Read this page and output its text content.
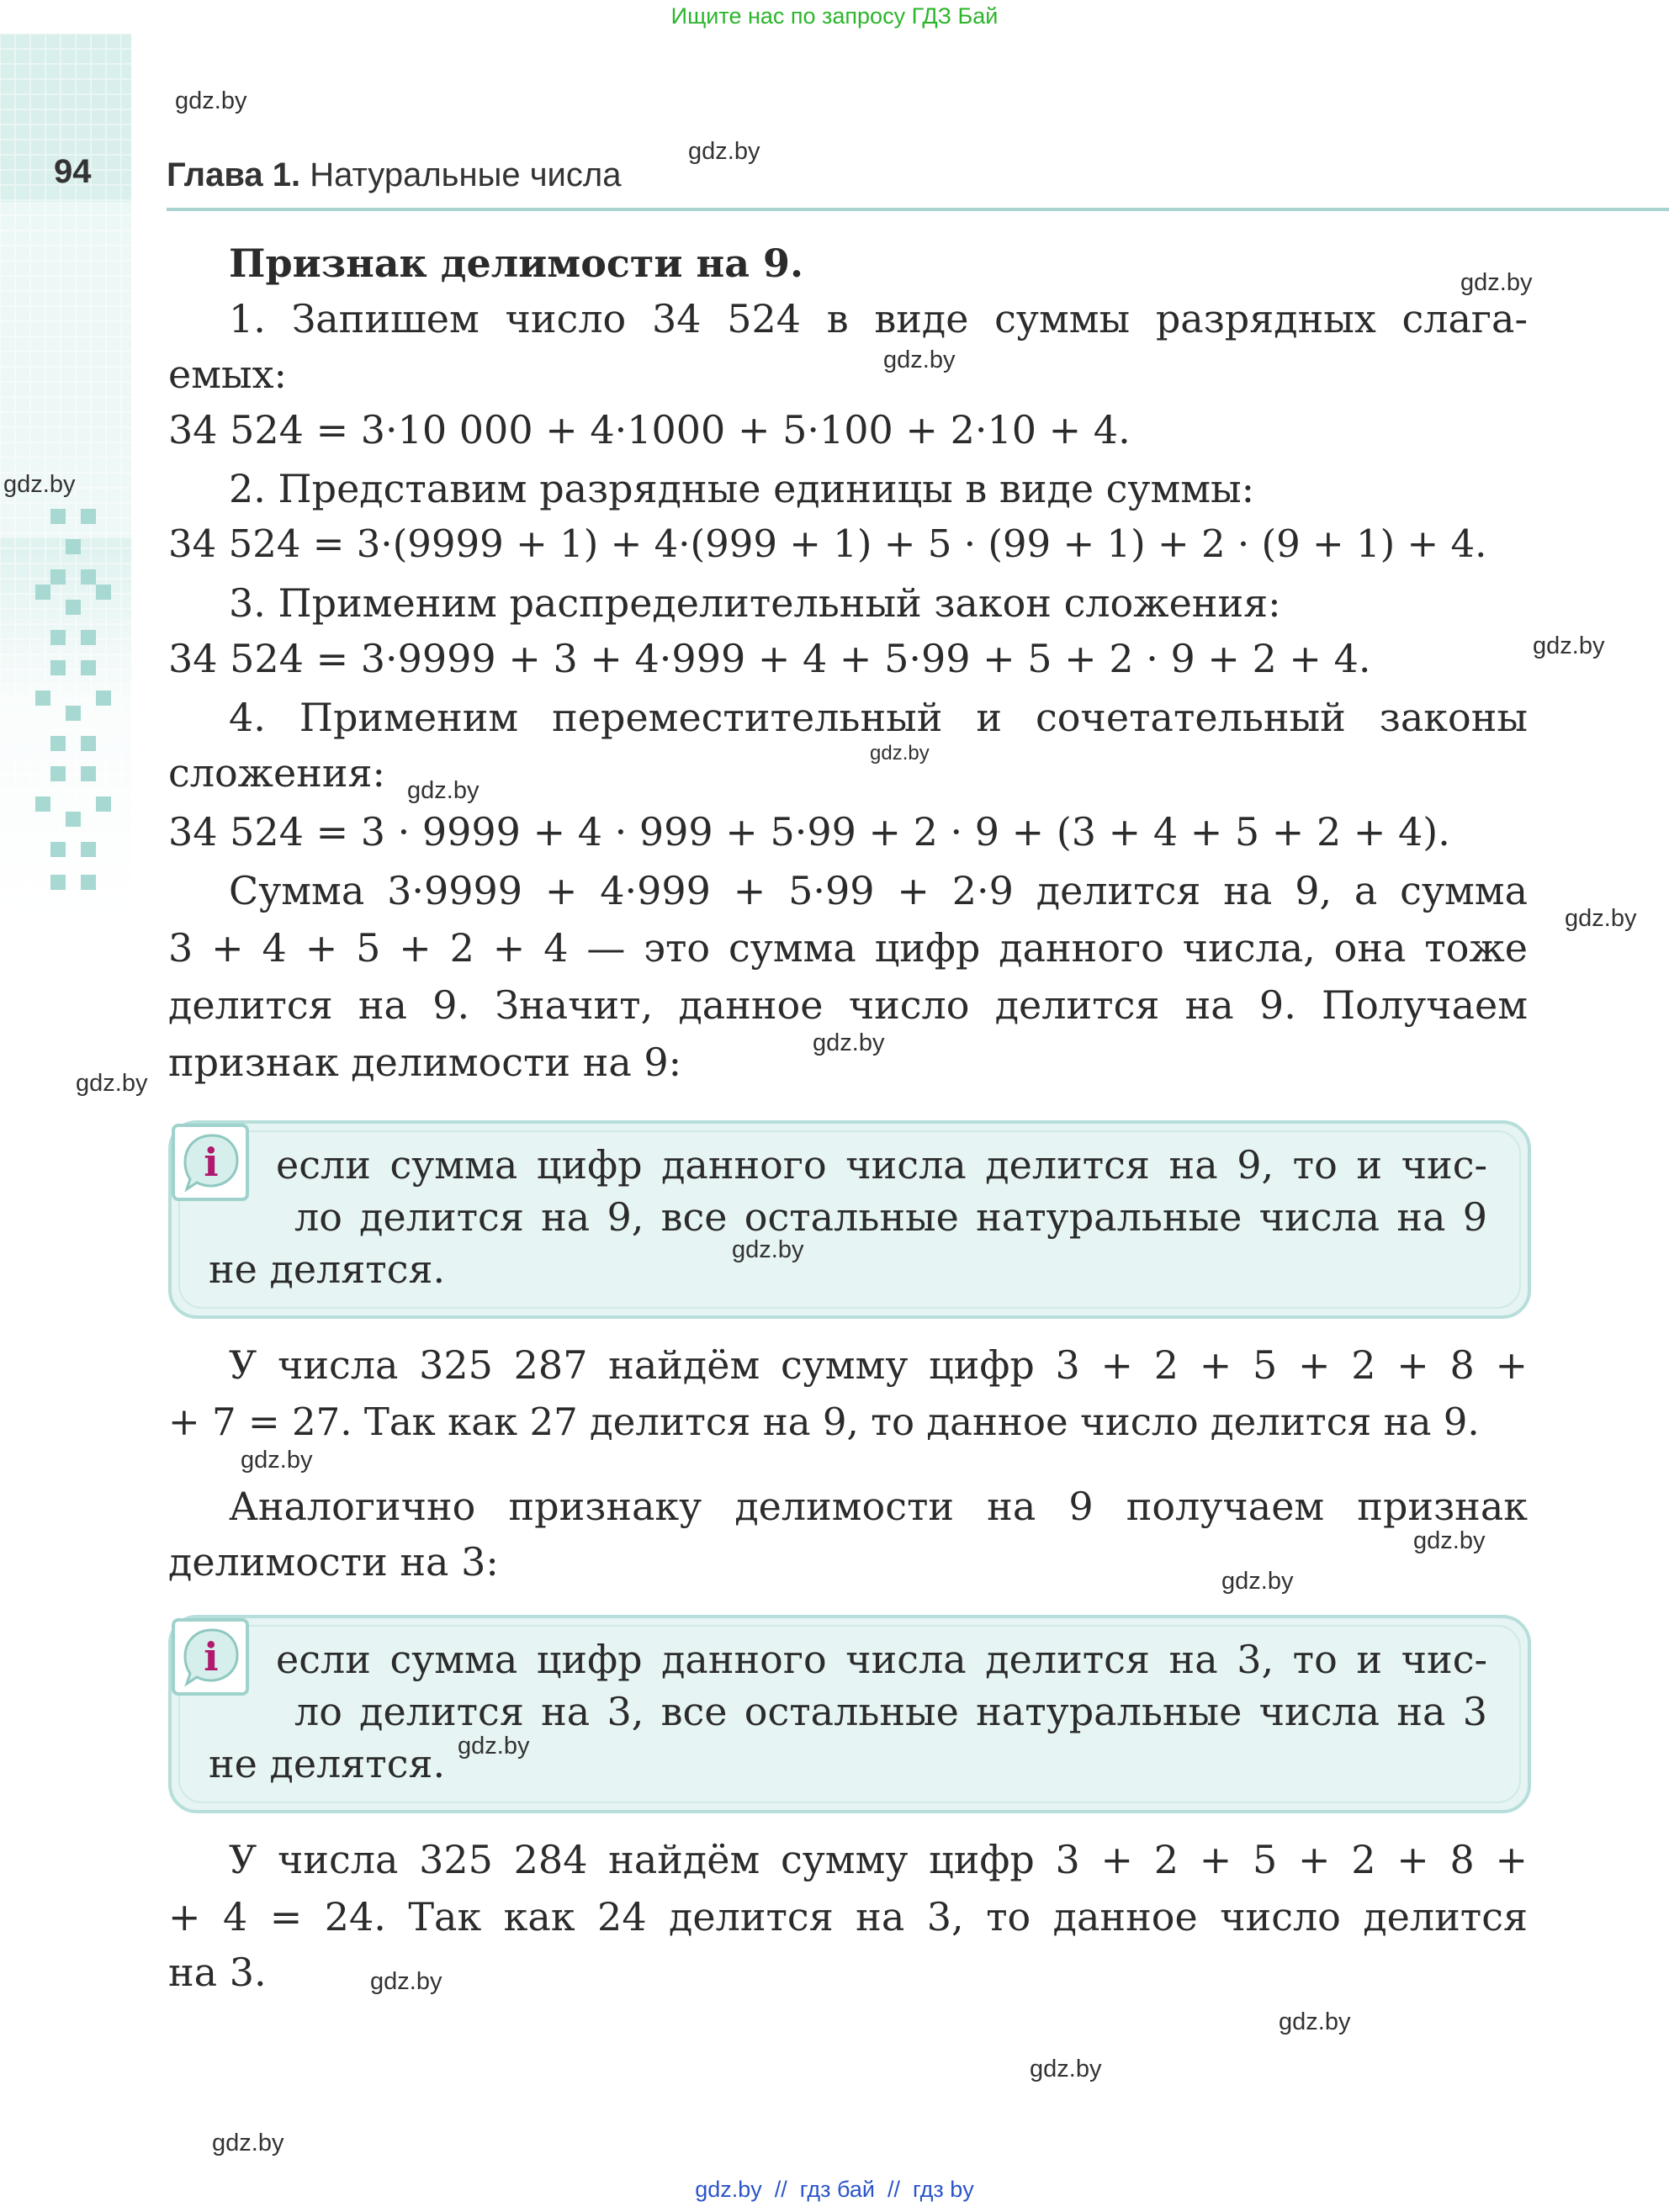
Ищите нас по запросу ГДЗ Бай
94 Глава 1. Натуральные числа
Признак делимости на 9.
1. Запишем число 34 524 в виде суммы разрядных слага-
емых:
34 524 = 3·10 000 + 4·1000 + 5·100 + 2·10 + 4.
2. Представим разрядные единицы в виде суммы:
34 524 = 3·(9999 + 1) + 4·(999 + 1) + 5 · (99 + 1) + 2 · (9 + 1) + 4.
3. Применим распределительный закон сложения:
34 524 = 3·9999 + 3 + 4·999 + 4 + 5·99 + 5 + 2 · 9 + 2 + 4.
4. Применим переместительный и сочетательный законы
сложения:
34 524 = 3 · 9999 + 4 · 999 + 5·99 + 2 · 9 + (3 + 4 + 5 + 2 + 4).
Сумма 3·9999 + 4·999 + 5·99 + 2·9 делится на 9, а сумма
3 + 4 + 5 + 2 + 4 — это сумма цифр данного числа, она тоже
делится на 9. Значит, данное число делится на 9. Получаем
признак делимости на 9:
i если сумма цифр данного числа делится на 9, то и чис-
ло делится на 9, все остальные натуральные числа на 9
не делятся.
У числа 325 287 найдём сумму цифр 3 + 2 + 5 + 2 + 8 +
+ 7 = 27. Так как 27 делится на 9, то данное число делится на 9.
Аналогично признаку делимости на 9 получаем признак
делимости на 3:
i если сумма цифр данного числа делится на 3, то и чис-
ло делится на 3, все остальные натуральные числа на 3
не делятся.
У числа 325 284 найдём сумму цифр 3 + 2 + 5 + 2 + 8 +
+ 4 = 24. Так как 24 делится на 3, то данное число делится
на 3.
gdz.by
gdz.by
gdz.by
gdz.by
gdz.by
gdz.by
gdz.by
gdz.by
gdz.by
gdz.by
gdz.by
gdz.by
gdz.by
gdz.by
gdz.by
gdz.by
gdz.by
gdz.by
gdz.by
gdz.by
gdz.by  //  гдз бай  //  гдз by
